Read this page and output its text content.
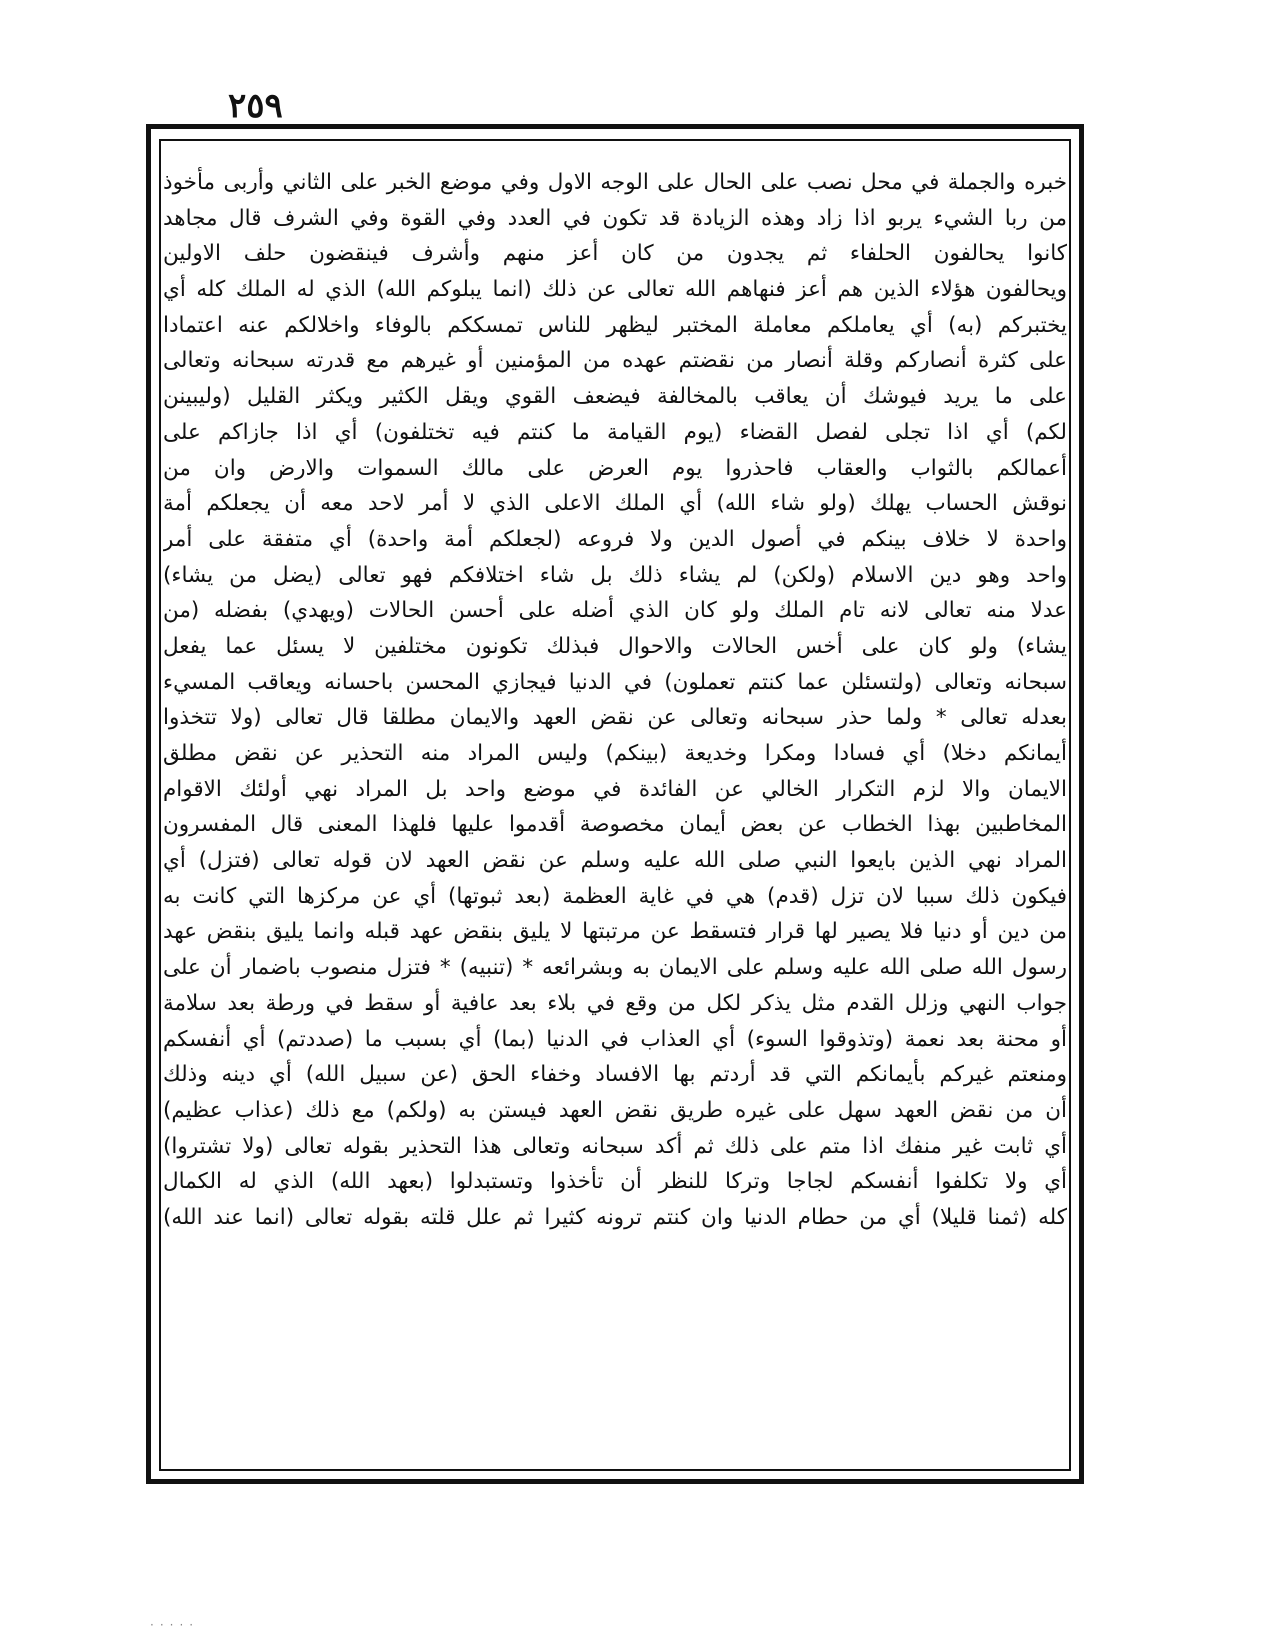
٢٥٩
خبره والجملة في محل نصب على الحال على الوجه الاول وفي موضع الخبر على الثاني وأربى مأخوذ
من ربا الشيء يربو اذا زاد وهذه الزيادة قد تكون في العدد وفي القوة وفي الشرف قال مجاهد
كانوا يحالفون الحلفاء ثم يجدون من كان أعز منهم وأشرف فينقضون حلف الاولين
ويحالفون هؤلاء الذين هم أعز فنهاهم الله تعالى عن ذلك (انما يبلوكم الله) الذي له الملك كله أي
يختبركم (به) أي يعاملكم معاملة المختبر ليظهر للناس تمسككم بالوفاء واخلالكم عنه اعتمادا
على كثرة أنصاركم وقلة أنصار من نقضتم عهده من المؤمنين أو غيرهم مع قدرته سبحانه وتعالى
على ما يريد فيوشك أن يعاقب بالمخالفة فيضعف القوي ويقل الكثير ويكثر القليل (وليبينن
لكم) أي اذا تجلى لفصل القضاء (يوم القيامة ما كنتم فيه تختلفون) أي اذا جازاكم على
أعمالكم بالثواب والعقاب فاحذروا يوم العرض على مالك السموات والارض وان من
نوقش الحساب يهلك (ولو شاء الله) أي الملك الاعلى الذي لا أمر لاحد معه أن يجعلكم أمة
واحدة لا خلاف بينكم في أصول الدين ولا فروعه (لجعلكم أمة واحدة) أي متفقة على أمر
واحد وهو دين الاسلام (ولكن) لم يشاء ذلك بل شاء اختلافكم فهو تعالى (يضل من يشاء)
عدلا منه تعالى لانه تام الملك ولو كان الذي أضله على أحسن الحالات (ويهدي) بفضله (من
يشاء) ولو كان على أخس الحالات والاحوال فبذلك تكونون مختلفين لا يسئل عما يفعل
سبحانه وتعالى (ولتسئلن عما كنتم تعملون) في الدنيا فيجازي المحسن باحسانه ويعاقب المسيء
بعدله تعالى * ولما حذر سبحانه وتعالى عن نقض العهد والايمان مطلقا قال تعالى (ولا تتخذوا
أيمانكم دخلا) أي فسادا ومكرا وخديعة (بينكم) وليس المراد منه التحذير عن نقض مطلق
الايمان والا لزم التكرار الخالي عن الفائدة في موضع واحد بل المراد نهي أولئك الاقوام
المخاطبين بهذا الخطاب عن بعض أيمان مخصوصة أقدموا عليها فلهذا المعنى قال المفسرون
المراد نهي الذين بايعوا النبي صلى الله عليه وسلم عن نقض العهد لان قوله تعالى (فتزل) أي
فيكون ذلك سببا لان تزل (قدم) هي في غاية العظمة (بعد ثبوتها) أي عن مركزها التي كانت به
من دين أو دنيا فلا يصير لها قرار فتسقط عن مرتبتها لا يليق بنقض عهد قبله وانما يليق بنقض عهد
رسول الله صلى الله عليه وسلم على الايمان به وبشرائعه * (تنبيه) * فتزل منصوب باضمار أن على
جواب النهي وزلل القدم مثل يذكر لكل من وقع في بلاء بعد عافية أو سقط في ورطة بعد سلامة
أو محنة بعد نعمة (وتذوقوا السوء) أي العذاب في الدنيا (بما) أي بسبب ما (صددتم) أي أنفسكم
ومنعتم غيركم بأيمانكم التي قد أردتم بها الافساد وخفاء الحق (عن سبيل الله) أي دينه وذلك
أن من نقض العهد سهل على غيره طريق نقض العهد فيستن به (ولكم) مع ذلك (عذاب عظيم)
أي ثابت غير منفك اذا متم على ذلك ثم أكد سبحانه وتعالى هذا التحذير بقوله تعالى (ولا تشتروا)
أي ولا تكلفوا أنفسكم لجاجا وتركا للنظر أن تأخذوا وتستبدلوا (بعهد الله) الذي له الكمال
كله (ثمنا قليلا) أي من حطام الدنيا وان كنتم ترونه كثيرا ثم علل قلته بقوله تعالى (انما عند الله)
·····
